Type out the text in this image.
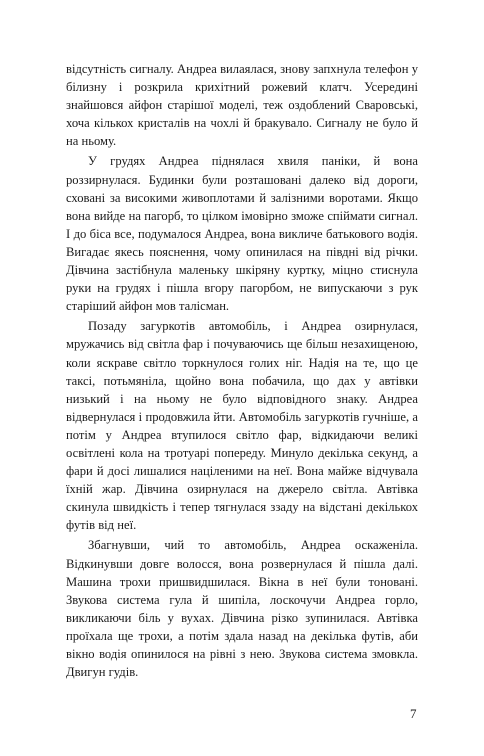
відсутність сигналу. Андреа вилаялася, знову запхнула телефон у білизну і розкрила крихітний рожевий клатч. Усередині знайшовся айфон старішої моделі, теж оздоблений Сваровські, хоча кількох кристалів на чохлі й бракувало. Сигналу не було й на ньому.

У грудях Андреа піднялася хвиля паніки, й вона роззирнулася. Будинки були розташовані далеко від дороги, сховані за високими живоплотами й залізними воротами. Якщо вона вийде на пагорб, то цілком імовірно зможе спіймати сигнал. І до біса все, подумалося Андреа, вона викличе батькового водія. Вигадає якесь пояснення, чому опинилася на півдні від річки. Дівчина застібнула маленьку шкіряну куртку, міцно стиснула руки на грудях і пішла вгору пагорбом, не випускаючи з рук старіший айфон мов талісман.

Позаду загуркотів автомобіль, і Андреа озирнулася, мружачись від світла фар і почуваючись ще більш незахищеною, коли яскраве світло торкнулося голих ніг. Надія на те, що це таксі, потьмяніла, щойно вона побачила, що дах у автівки низький і на ньому не було відповідного знаку. Андреа відвернулася і продовжила йти. Автомобіль загуркотів гучніше, а потім у Андреа втупилося світло фар, відкидаючи великі освітлені кола на тротуарі попереду. Минуло декілька секунд, а фари й досі лишалися націленими на неї. Вона майже відчувала їхній жар. Дівчина озирнулася на джерело світла. Автівка скинула швидкість і тепер тягнулася ззаду на відстані декількох футів від неї.

Збагнувши, чий то автомобіль, Андреа оскаженіла. Відкинувши довге волосся, вона розвернулася й пішла далі. Машина трохи пришвидшилася. Вікна в неї були тоновані. Звукова система гула й шипіла, лоскочучи Андреа горло, викликаючи біль у вухах. Дівчина різко зупинилася. Автівка проїхала ще трохи, а потім здала назад на декілька футів, аби вікно водія опинилося на рівні з нею. Звукова система змовкла. Двигун гудів.

7
